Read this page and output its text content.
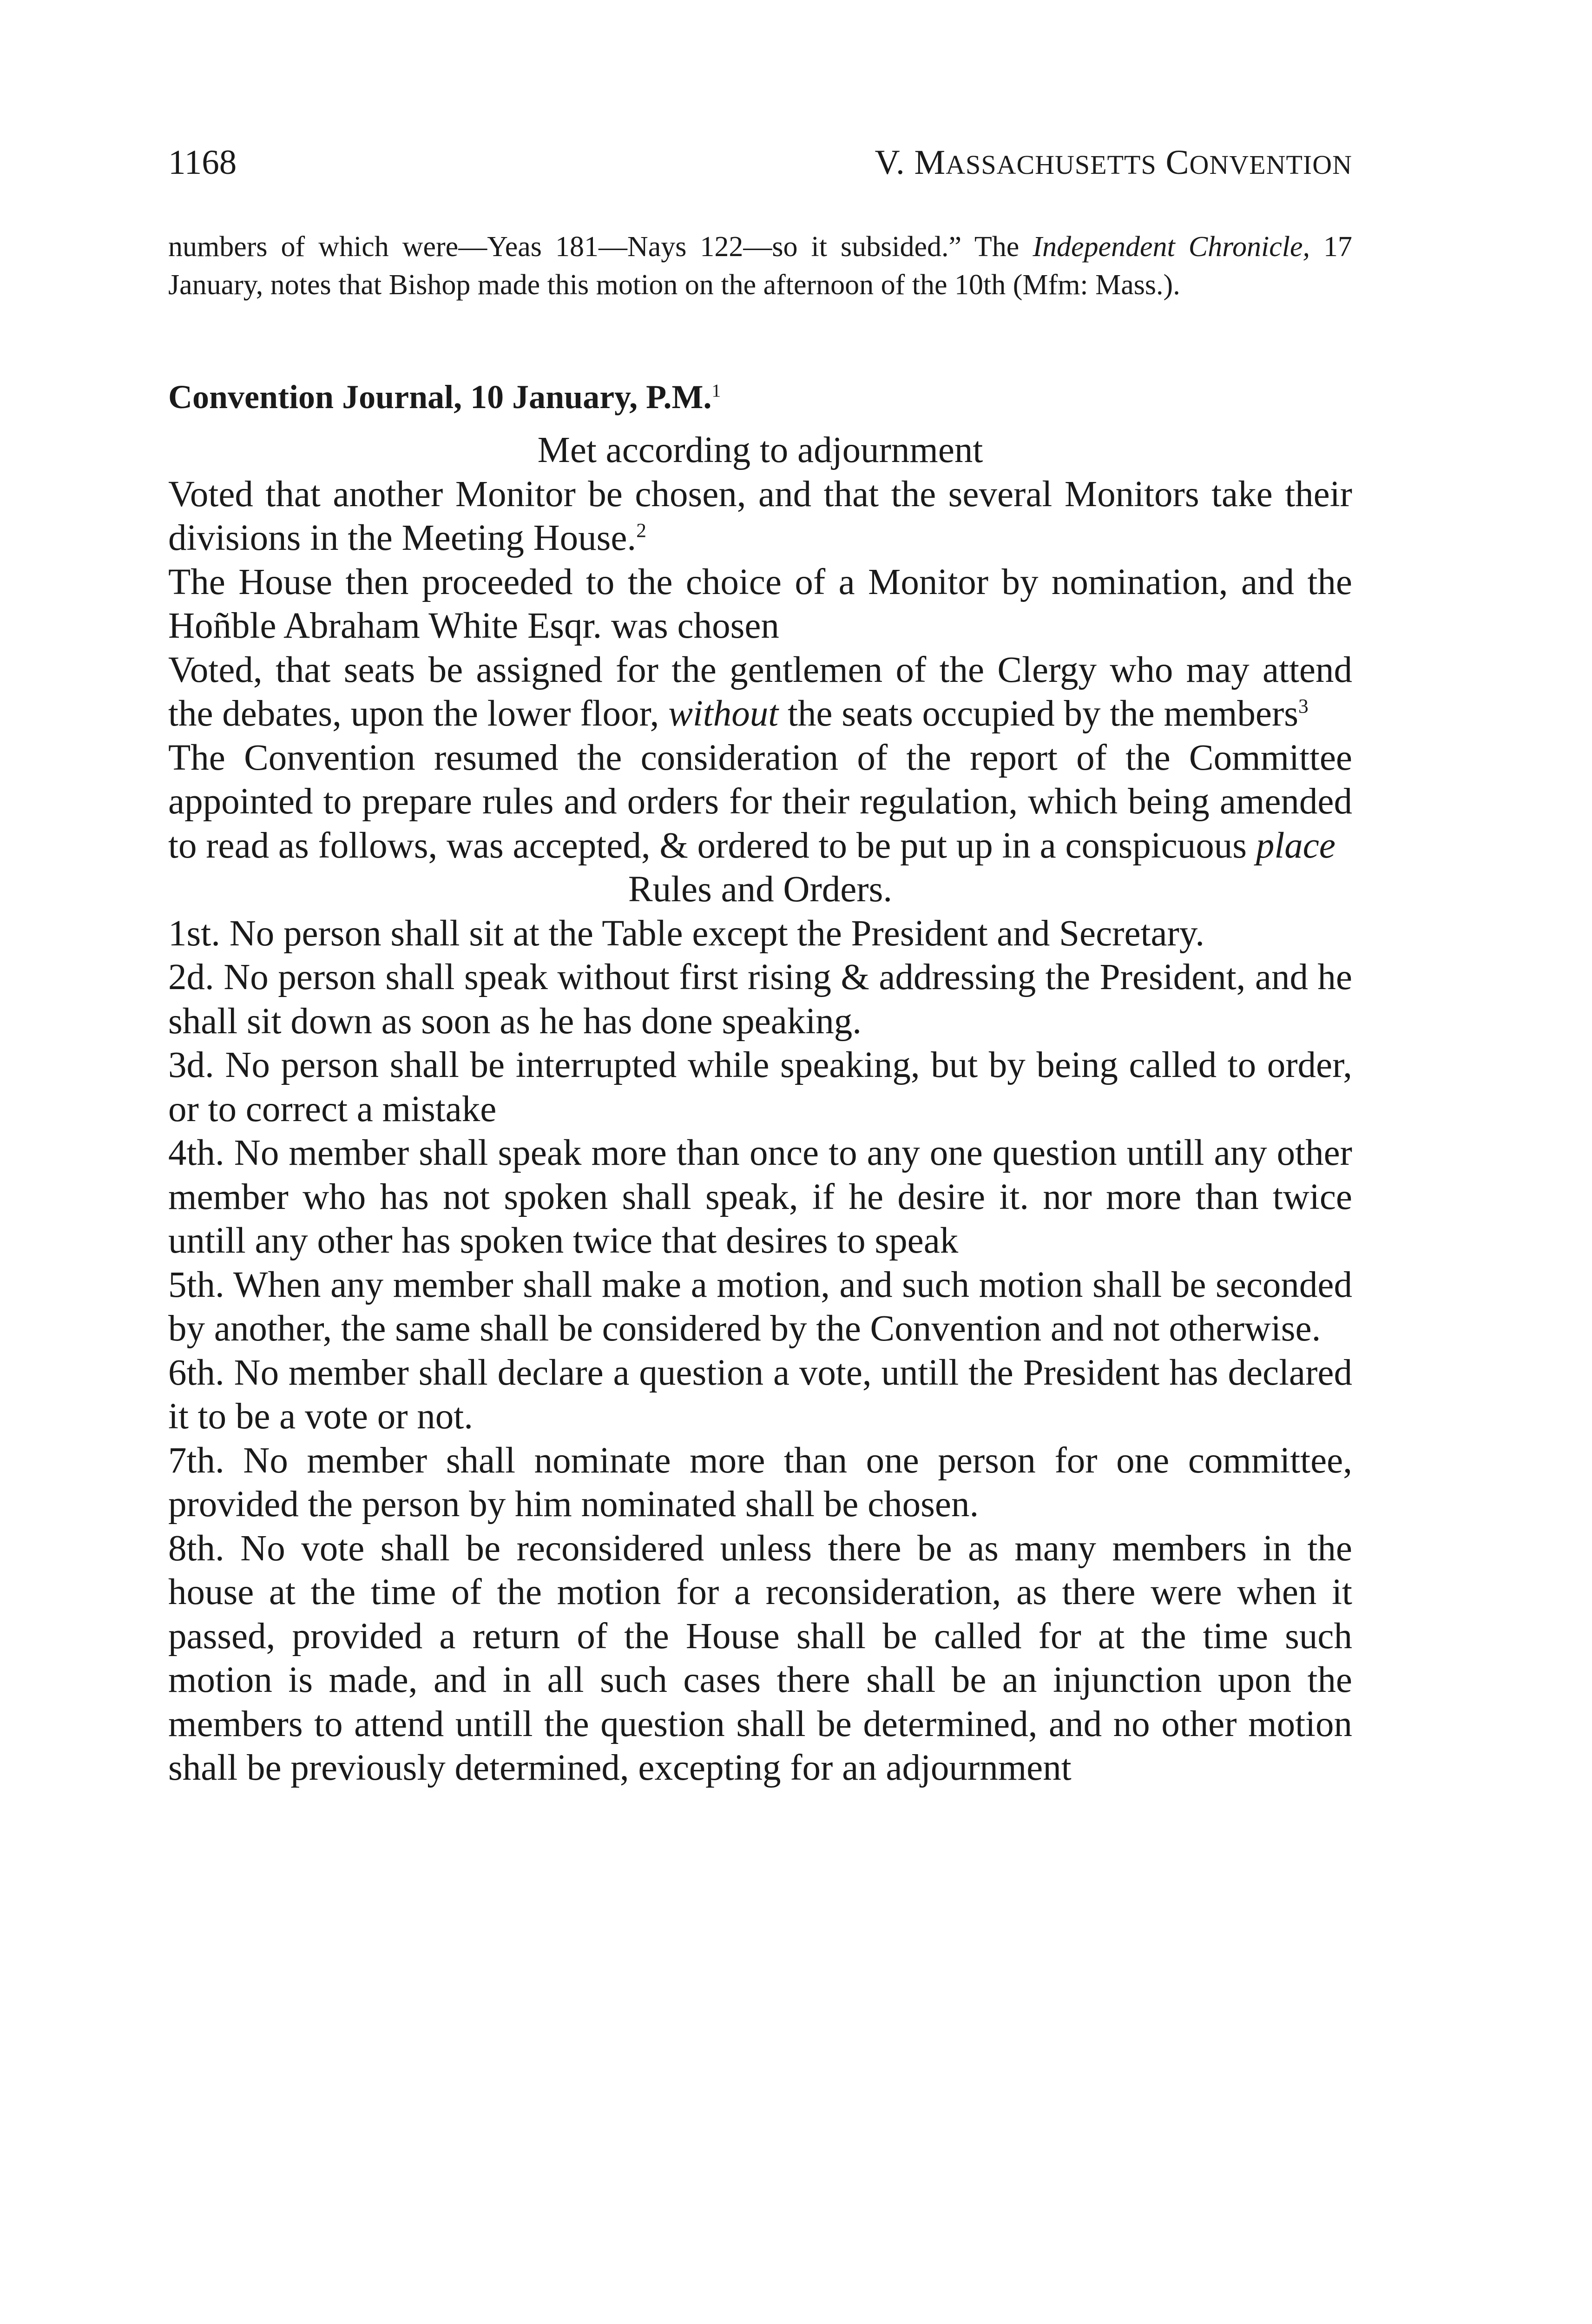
1168	V. MASSACHUSETTS CONVENTION
numbers of which were—Yeas 181—Nays 122—so it subsided.” The Independent Chronicle, 17 January, notes that Bishop made this motion on the afternoon of the 10th (Mfm: Mass.).
Convention Journal, 10 January, P.M.$^1$

Met according to adjournment

Voted that another Monitor be chosen, and that the several Monitors take their divisions in the Meeting House.$^2$

The House then proceeded to the choice of a Monitor by nomination, and the Hoñble Abraham White Esqr. was chosen

Voted, that seats be assigned for the gentlemen of the Clergy who may attend the debates, upon the lower floor, without the seats occupied by the members$^3$

The Convention resumed the consideration of the report of the Committee appointed to prepare rules and orders for their regulation, which being amended to read as follows, was accepted, & ordered to be put up in a conspicuous place

Rules and Orders.

1st. No person shall sit at the Table except the President and Secretary.

2d. No person shall speak without first rising & addressing the President, and he shall sit down as soon as he has done speaking.

3d. No person shall be interrupted while speaking, but by being called to order, or to correct a mistake

4th. No member shall speak more than once to any one question untill any other member who has not spoken shall speak, if he desire it. nor more than twice untill any other has spoken twice that desires to speak

5th. When any member shall make a motion, and such motion shall be seconded by another, the same shall be considered by the Convention and not otherwise.

6th. No member shall declare a question a vote, untill the President has declared it to be a vote or not.

7th. No member shall nominate more than one person for one committee, provided the person by him nominated shall be chosen.

8th. No vote shall be reconsidered unless there be as many members in the house at the time of the motion for a reconsideration, as there were when it passed, provided a return of the House shall be called for at the time such motion is made, and in all such cases there shall be an injunction upon the members to attend untill the question shall be determined, and no other motion shall be previously determined, excepting for an adjournment
